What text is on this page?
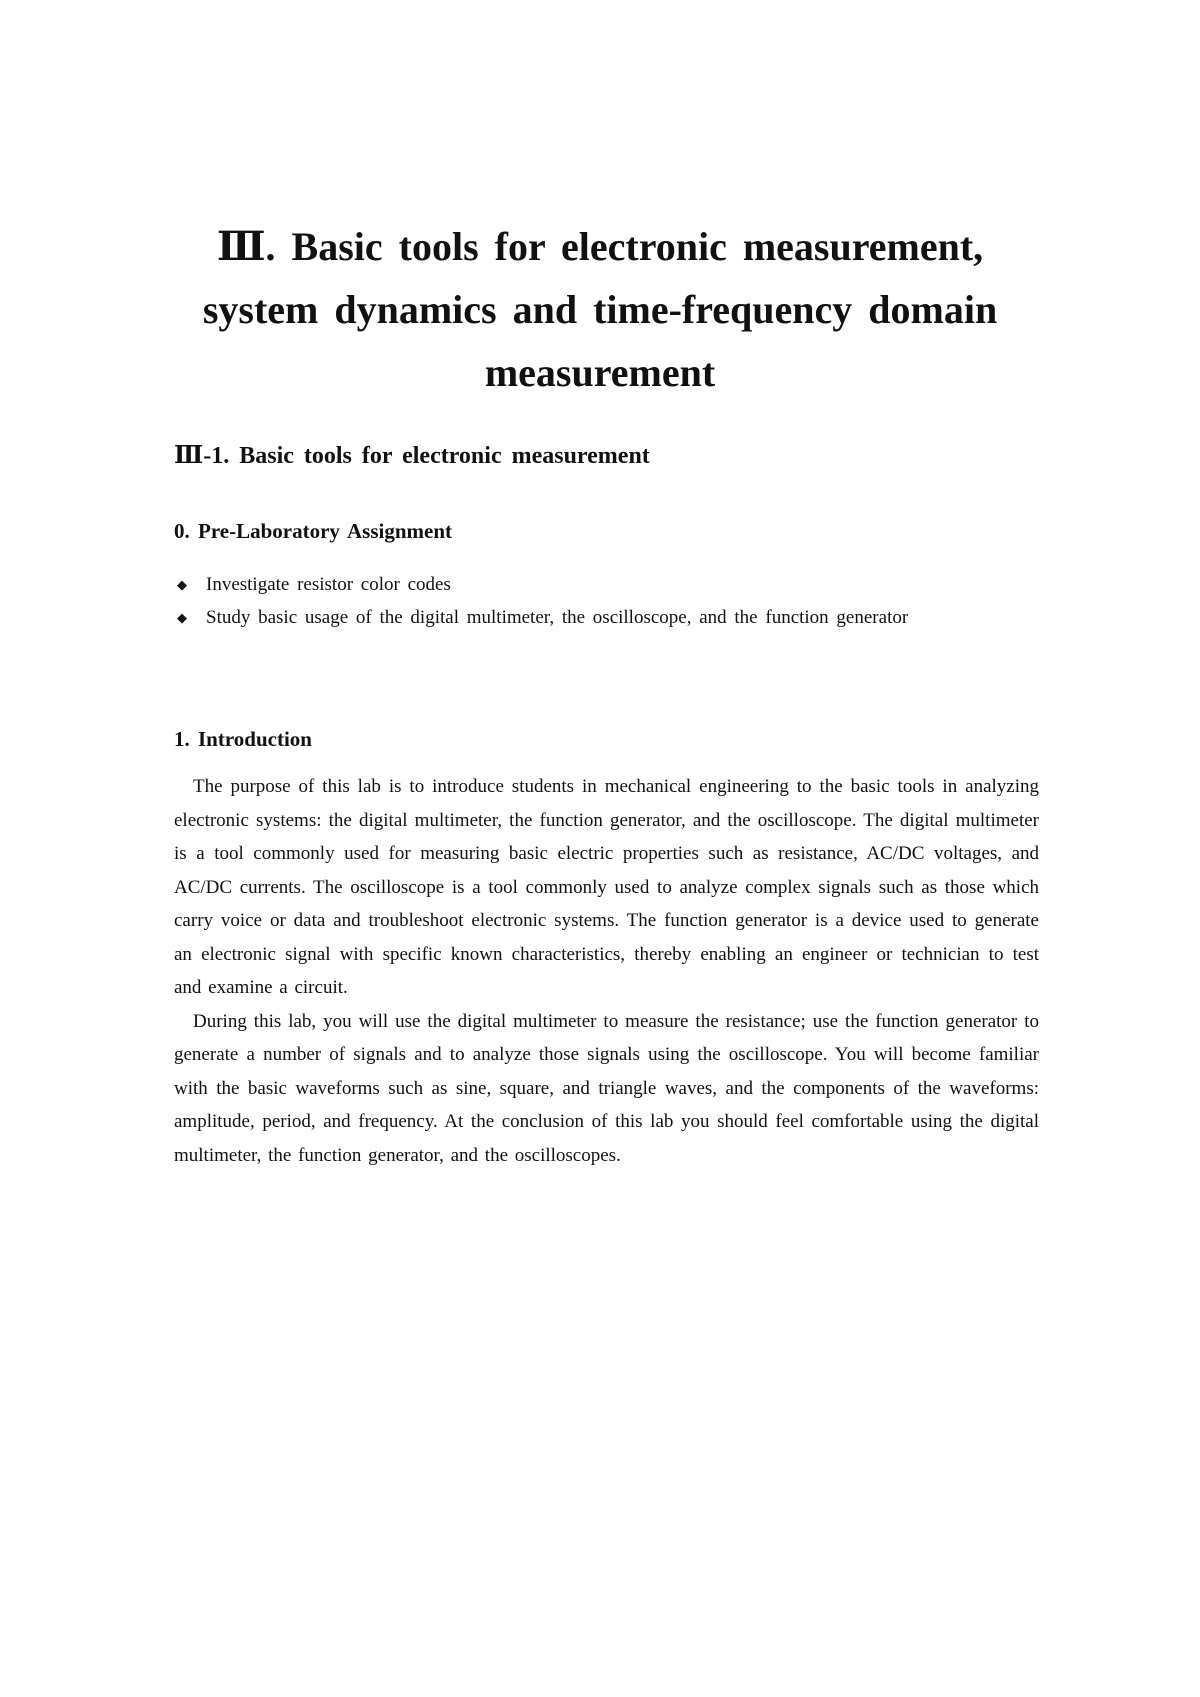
Ⅲ. Basic tools for electronic measurement,
system dynamics and time-frequency domain
measurement
Ⅲ-1. Basic tools for electronic measurement
0. Pre-Laboratory Assignment
◆ Investigate resistor color codes
◆ Study basic usage of the digital multimeter, the oscilloscope, and the function generator
1. Introduction

The purpose of this lab is to introduce students in mechanical engineering to the basic tools in analyzing electronic systems: the digital multimeter, the function generator, and the oscilloscope. The digital multimeter is a tool commonly used for measuring basic electric properties such as resistance, AC/DC voltages, and AC/DC currents. The oscilloscope is a tool commonly used to analyze complex signals such as those which carry voice or data and troubleshoot electronic systems. The function generator is a device used to generate an electronic signal with specific known characteristics, thereby enabling an engineer or technician to test and examine a circuit.

During this lab, you will use the digital multimeter to measure the resistance; use the function generator to generate a number of signals and to analyze those signals using the oscilloscope. You will become familiar with the basic waveforms such as sine, square, and triangle waves, and the components of the waveforms: amplitude, period, and frequency. At the conclusion of this lab you should feel comfortable using the digital multimeter, the function generator, and the oscilloscopes.
